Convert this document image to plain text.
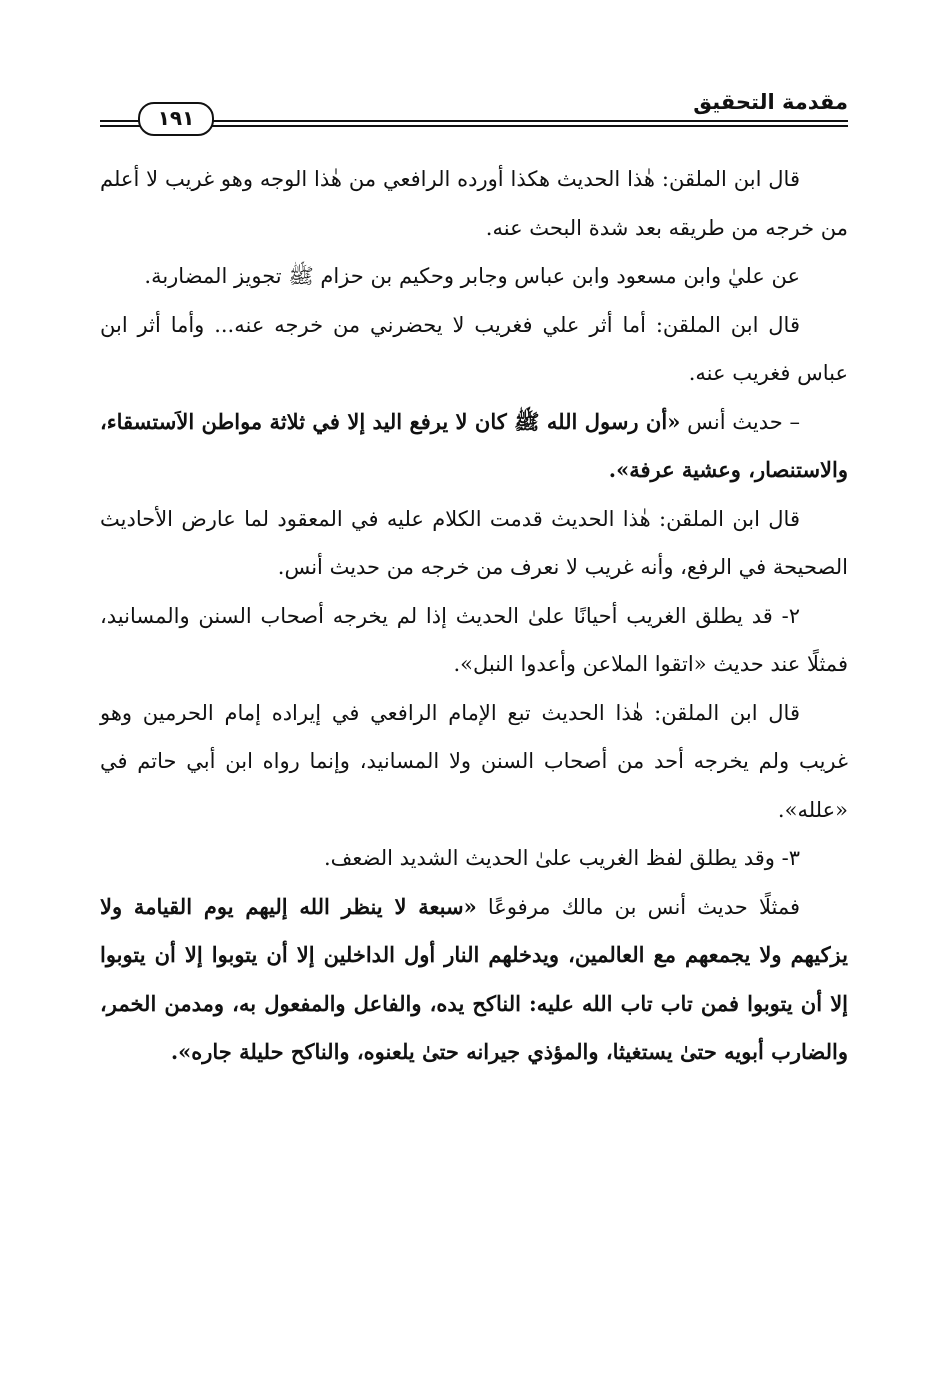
١٩١
مقدمة التحقيق

قال ابن الملقن: هٰذا الحديث هكذا أورده الرافعي من هٰذا الوجه وهو غريب لا أعلم من خرجه من طريقه بعد شدة البحث عنه.

عن عليٰ وابن مسعود وابن عباس وجابر وحكيم بن حزام ﷺ تجويز المضاربة.

قال ابن الملقن: أما أثر علي فغريب لا يحضرني من خرجه عنه... وأما أثر ابن عباس فغريب عنه.

– حديث أنس «أن رسول الله ﷺ كان لا يرفع اليد إلا في ثلاثة مواطن الاَستسقاء، والاستنصار، وعشية عرفة».

قال ابن الملقن: هٰذا الحديث قدمت الكلام عليه في المعقود لما عارض الأحاديث الصحيحة في الرفع، وأنه غريب لا نعرف من خرجه من حديث أنس.

٢- قد يطلق الغريب أحيانًا علىٰ الحديث إذا لم يخرجه أصحاب السنن والمسانيد، فمثلًا عند حديث «اتقوا الملاعن وأعدوا النبل».

قال ابن الملقن: هٰذا الحديث تبع الإمام الرافعي في إيراده إمام الحرمين وهو غريب ولم يخرجه أحد من أصحاب السنن ولا المسانيد، وإنما رواه ابن أبي حاتم في «علله».

٣- وقد يطلق لفظ الغريب علىٰ الحديث الشديد الضعف.

فمثلًا حديث أنس بن مالك مرفوعًا «سبعة لا ينظر الله إليهم يوم القيامة ولا يزكيهم ولا يجمعهم مع العالمين، ويدخلهم النار أول الداخلين إلا أن يتوبوا إلا أن يتوبوا إلا أن يتوبوا فمن تاب تاب الله عليه: الناكح يده، والفاعل والمفعول به، ومدمن الخمر، والضارب أبويه حتىٰ يستغيثا، والمؤذي جيرانه حتىٰ يلعنوه، والناكح حليلة جاره».
